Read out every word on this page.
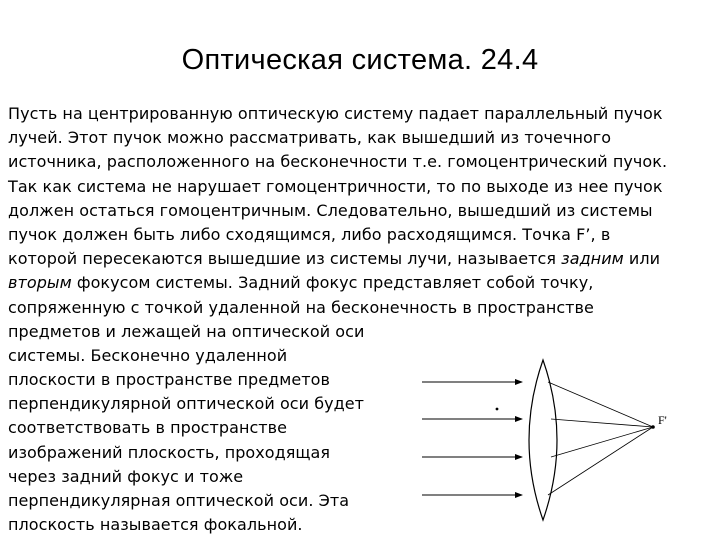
Оптическая система. 24.4
Пусть на центрированную оптическую систему падает параллельный пучок
лучей. Этот пучок можно рассматривать, как вышедший из точечного
источника, расположенного на бесконечности т.е. гомоцентрический пучок.
Так как система не нарушает гомоцентричности, то по выходе из нее пучок
должен остаться гомоцентричным. Следовательно, вышедший из системы
пучок должен быть либо сходящимся, либо расходящимся. Точка F’, в
которой пересекаются вышедшие из системы лучи, называется задним или
вторым фокусом системы. Задний фокус представляет собой точку,
сопряженную с точкой удаленной на бесконечность в пространстве
предметов и лежащей на оптической оси
системы. Бесконечно удаленной
плоскости в пространстве предметов
перпендикулярной оптической оси будет
соответствовать в пространстве
изображений плоскость, проходящая
через задний фокус и тоже
перпендикулярная оптической оси. Эта
плоскость называется фокальной.
F'
